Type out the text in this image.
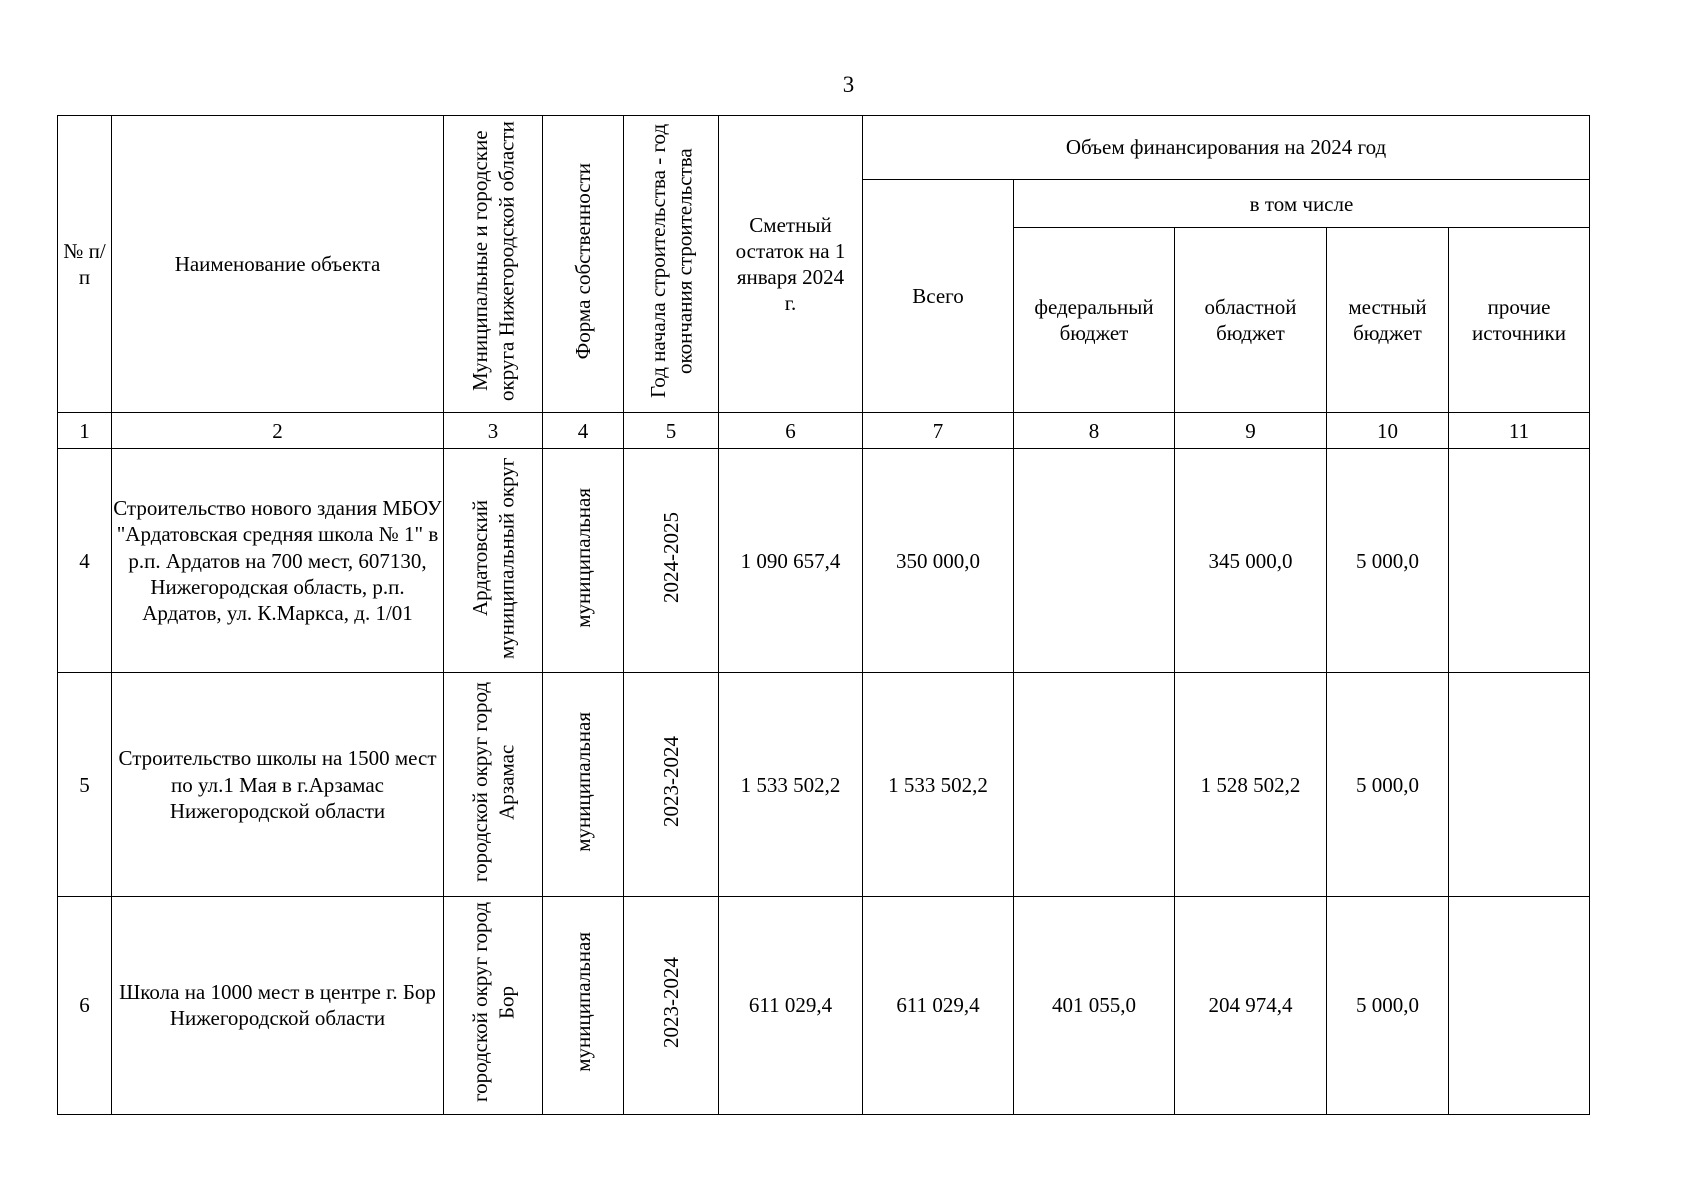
3
№ п/п	Наименование объекта	Муниципальные и городские округа Нижегородской области	Форма собственности	Год начала строительства - год окончания строительства	Сметный остаток на 1 января 2024 г.	Объем финансирования на 2024 год				
						Всего	в том числе			
							федеральный бюджет	областной бюджет	местный бюджет	прочие источники
1	2	3	4	5	6	7	8	9	10	11
4	Строительство нового здания МБОУ "Ардатовская средняя школа № 1" в р.п. Ардатов на 700 мест, 607130, Нижегородская область, р.п. Ардатов, ул. К.Маркса, д. 1/01	Ардатовский муниципальный округ	муниципальная	2024-2025	1 090 657,4	350 000,0		345 000,0	5 000,0	
5	Строительство школы на 1500 мест по ул.1 Мая в г.Арзамас Нижегородской области	городской округ город Арзамас	муниципальная	2023-2024	1 533 502,2	1 533 502,2		1 528 502,2	5 000,0	
6	Школа на 1000 мест в центре г. Бор Нижегородской области	городской округ город Бор	муниципальная	2023-2024	611 029,4	611 029,4	401 055,0	204 974,4	5 000,0	
